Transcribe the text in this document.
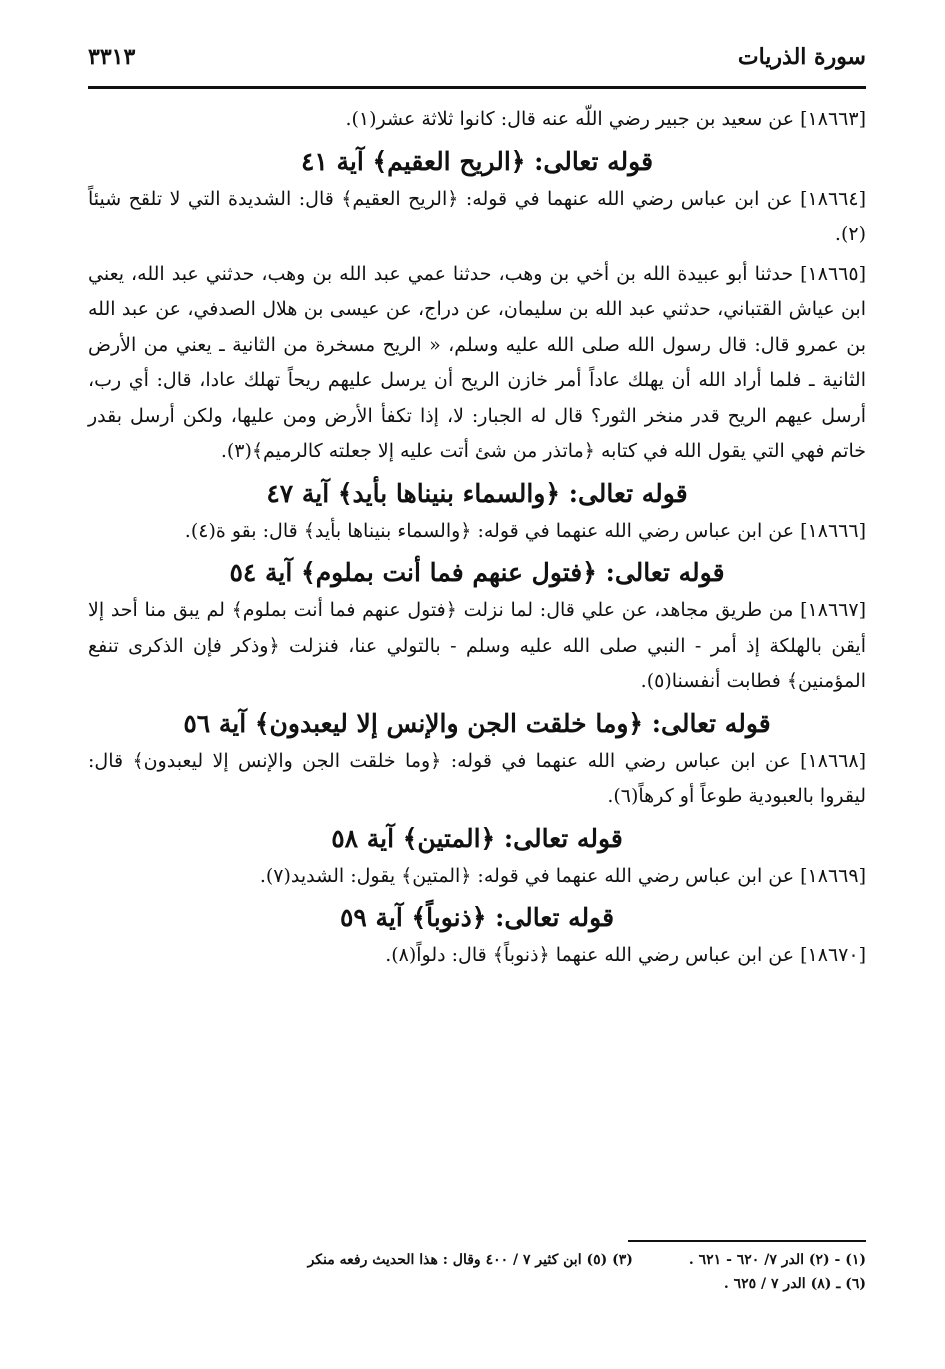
سورة الذريات
٣٣١٣

[١٨٦٦٣] عن سعيد بن جبير رضي اللّه عنه قال: كانوا ثلاثة عشر(١).

قوله تعالى: ﴿الريح العقيم﴾ آية ٤١

[١٨٦٦٤] عن ابن عباس رضي الله عنهما في قوله: ﴿الريح العقيم﴾ قال: الشديدة التي لا تلقح شيئاً (٢).

[١٨٦٦٥] حدثنا أبو عبيدة الله بن أخي بن وهب، حدثنا عمي عبد الله بن وهب، حدثني عبد الله، يعني ابن عياش القتباني، حدثني عبد الله بن سليمان، عن دراج، عن عيسى بن هلال الصدفي، عن عبد الله بن عمرو قال: قال رسول الله صلى الله عليه وسلم، « الريح مسخرة من الثانية ـ يعني من الأرض الثانية ـ فلما أراد الله أن يهلك عاداً أمر خازن الريح أن يرسل عليهم ريحاً تهلك عادا، قال: أي رب، أرسل عيهم الريح قدر منخر الثور؟ قال له الجبار: لا، إذا تكفأ الأرض ومن عليها، ولكن أرسل بقدر خاتم فهي التي يقول الله في كتابه ﴿ماتذر من شئ أتت عليه إلا جعلته كالرميم﴾(٣).

قوله تعالى: ﴿والسماء بنيناها بأيد﴾ آية ٤٧

[١٨٦٦٦] عن ابن عباس رضي الله عنهما في قوله: ﴿والسماء بنيناها بأيد﴾ قال: بقو ة(٤).

قوله تعالى: ﴿فتول عنهم فما أنت بملوم﴾ آية ٥٤

[١٨٦٦٧] من طريق مجاهد، عن علي قال: لما نزلت ﴿فتول عنهم فما أنت بملوم﴾ لم يبق منا أحد إلا أيقن بالهلكة إذ أمر - النبي صلى الله عليه وسلم - بالتولي عنا، فنزلت ﴿وذكر فإن الذكرى تنفع المؤمنين﴾ فطابت أنفسنا(٥).

قوله تعالى: ﴿وما خلقت الجن والإنس إلا ليعبدون﴾ آية ٥٦

[١٨٦٦٨] عن ابن عباس رضي الله عنهما في قوله: ﴿وما خلقت الجن والإنس إلا ليعبدون﴾ قال: ليقروا بالعبودية طوعاً أو كرهاً(٦).

قوله تعالى: ﴿المتين﴾ آية ٥٨

[١٨٦٦٩] عن ابن عباس رضي الله عنهما في قوله: ﴿المتين﴾ يقول: الشديد(٧).

قوله تعالى: ﴿ذنوباً﴾ آية ٥٩

[١٨٦٧٠] عن ابن عباس رضي الله عنهما ﴿ذنوباً﴾ قال: دلواً(٨).

(١) - (٢) الدر ٧/ ٦٢٠ - ٦٢١ .(٣) (٥) ابن كثير ٧ / ٤٠٠ وقال : هذا الحديث رفعه منكر
(٦) ـ (٨) الدر ٧ / ٦٢٥ .
